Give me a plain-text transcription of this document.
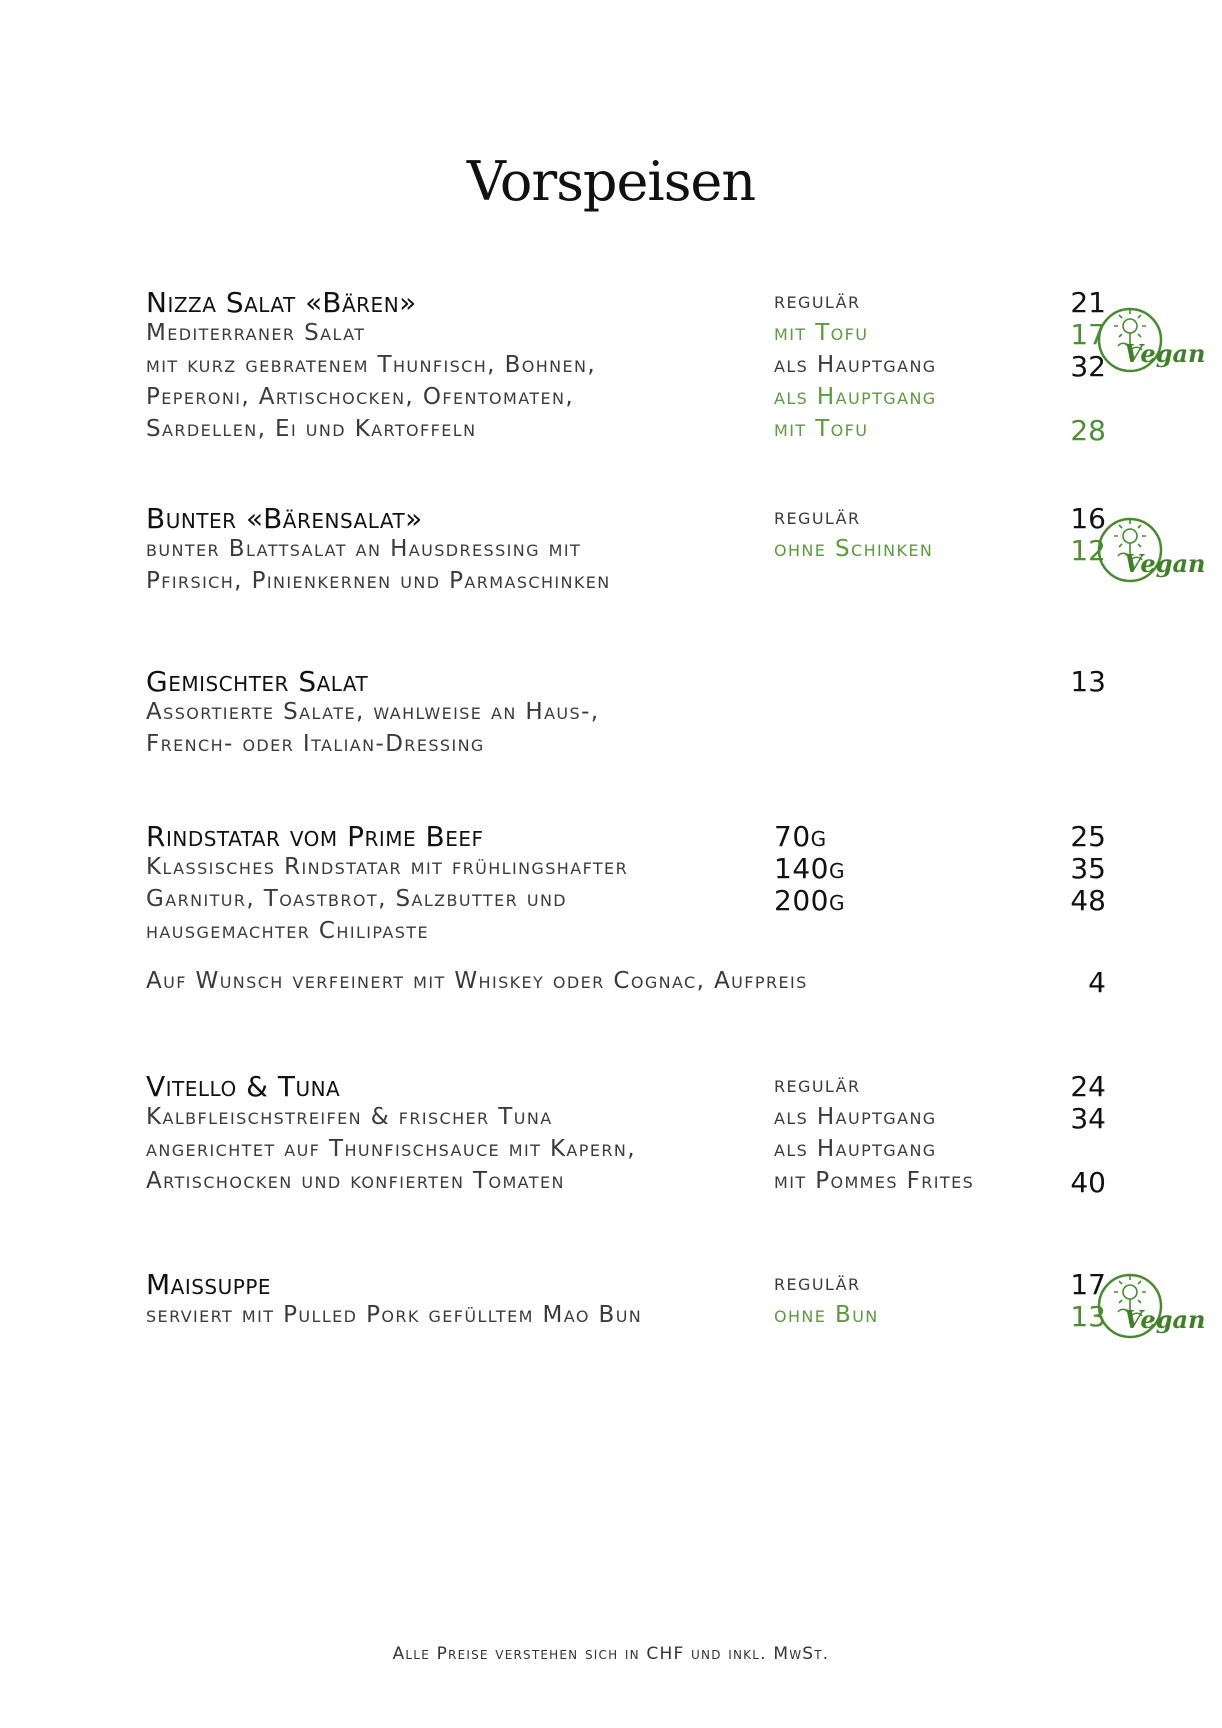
Vorspeisen
Nizza Salat «Bären»	regulär	21
Mediterraner Salat	mit Tofu	17
mit kurz gebratenem Thunfisch, Bohnen,	als Hauptgang	32
Peperoni, Artischocken, Ofentomaten,	als Hauptgang
Sardellen, Ei und Kartoffeln	mit Tofu	28
Bunter «Bärensalat»	regulär	16
bunter Blattsalat an Hausdressing mit	ohne Schinken	12
Pfirsich, Pinienkernen und Parmaschinken
Gemischter Salat	13
Assortierte Salate, wahlweise an Haus-,
French- oder Italian-Dressing
Rindstatar vom Prime Beef	70g	25
Klassisches Rindstatar mit frühlingshafter	140g	35
Garnitur, Toastbrot, Salzbutter und	200g	48
hausgemachter Chilipaste
Auf Wunsch verfeinert mit Whiskey oder Cognac, Aufpreis	4
Vitello & Tuna	regulär	24
Kalbfleischstreifen & frischer Tuna	als Hauptgang	34
angerichtet auf Thunfischsauce mit Kapern,	als Hauptgang
Artischocken und konfierten Tomaten	mit Pommes Frites	40
Maissuppe	regulär	17
serviert mit Pulled Pork gefülltem Mao Bun	ohne Bun	13
Vegan
Vegan
Vegan
Alle Preise verstehen sich in CHF und inkl. MwSt.
